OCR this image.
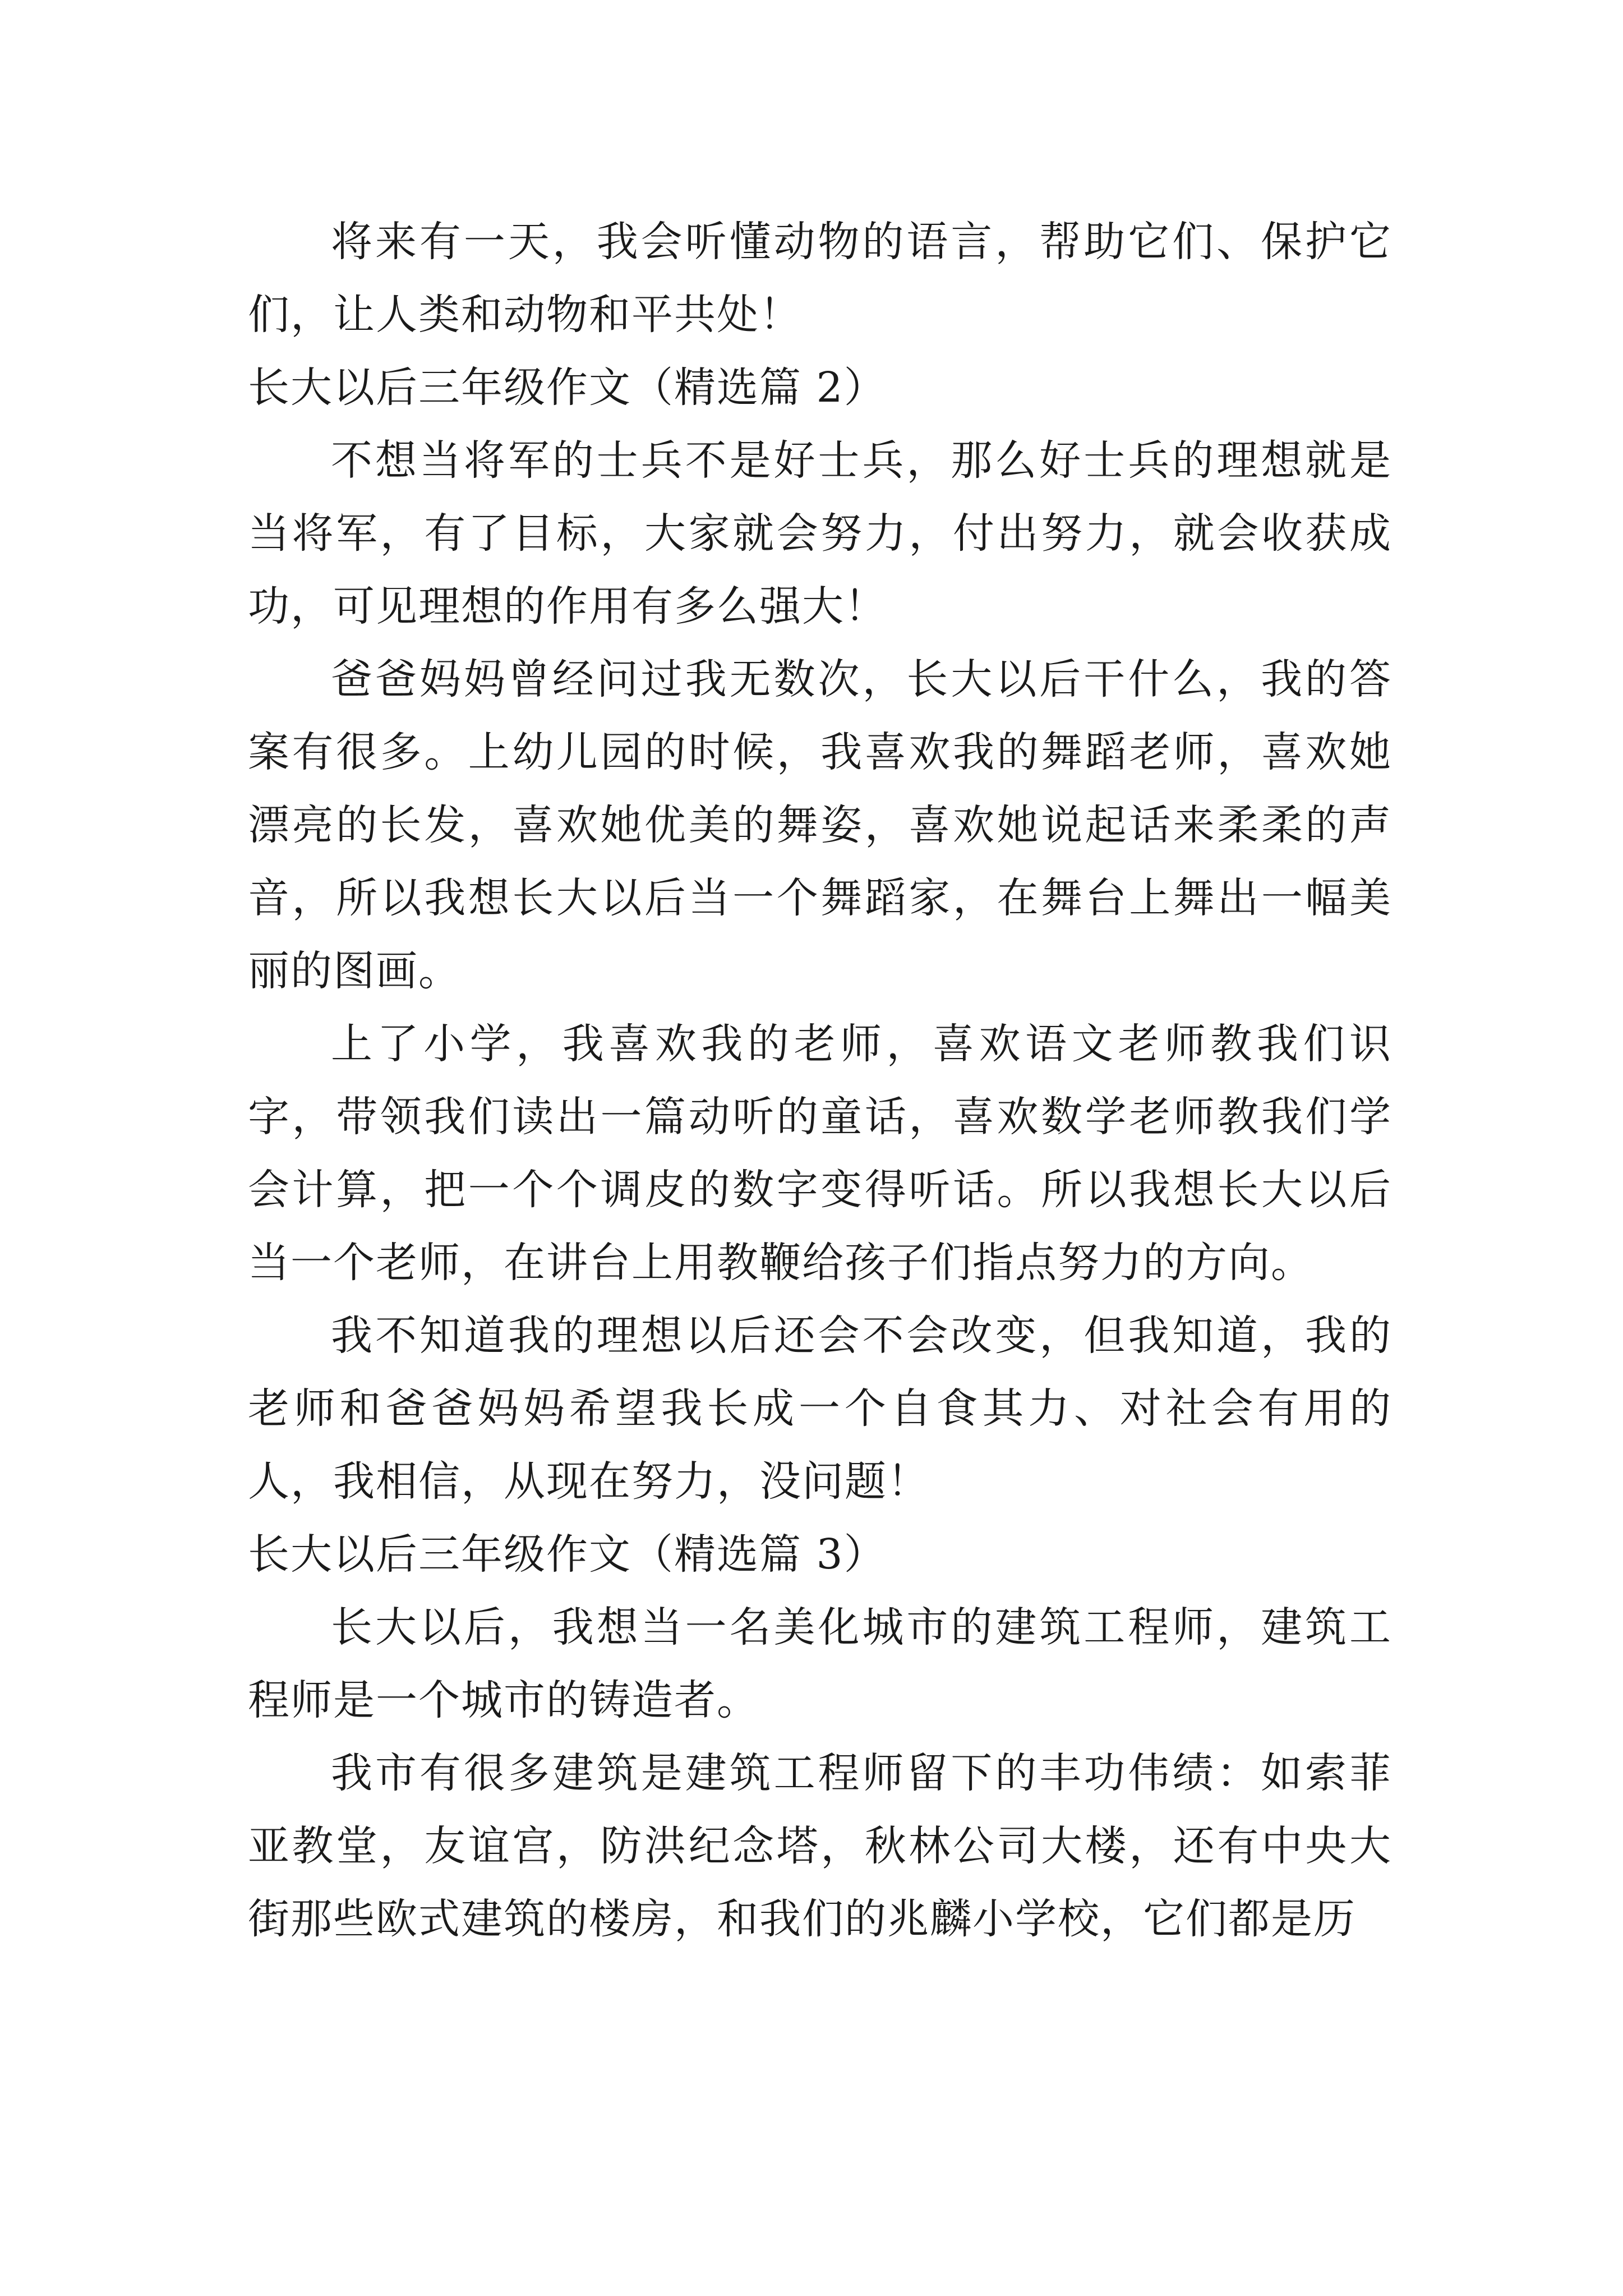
将来有一天，我会听懂动物的语言，帮助它们、保护它们，让人类和动物和平共处！

长大以后三年级作文（精选篇 2）

不想当将军的士兵不是好士兵，那么好士兵的理想就是当将军，有了目标，大家就会努力，付出努力，就会收获成功，可见理想的作用有多么强大！

爸爸妈妈曾经问过我无数次，长大以后干什么，我的答案有很多。上幼儿园的时候，我喜欢我的舞蹈老师，喜欢她漂亮的长发，喜欢她优美的舞姿，喜欢她说起话来柔柔的声音，所以我想长大以后当一个舞蹈家，在舞台上舞出一幅美丽的图画。

上了小学，我喜欢我的老师，喜欢语文老师教我们识字，带领我们读出一篇动听的童话，喜欢数学老师教我们学会计算，把一个个调皮的数字变得听话。所以我想长大以后当一个老师，在讲台上用教鞭给孩子们指点努力的方向。

我不知道我的理想以后还会不会改变，但我知道，我的老师和爸爸妈妈希望我长成一个自食其力、对社会有用的人，我相信，从现在努力，没问题！

长大以后三年级作文（精选篇 3）

长大以后，我想当一名美化城市的建筑工程师，建筑工程师是一个城市的铸造者。

我市有很多建筑是建筑工程师留下的丰功伟绩：如索菲亚教堂，友谊宫，防洪纪念塔，秋林公司大楼，还有中央大街那些欧式建筑的楼房，和我们的兆麟小学校，它们都是历
